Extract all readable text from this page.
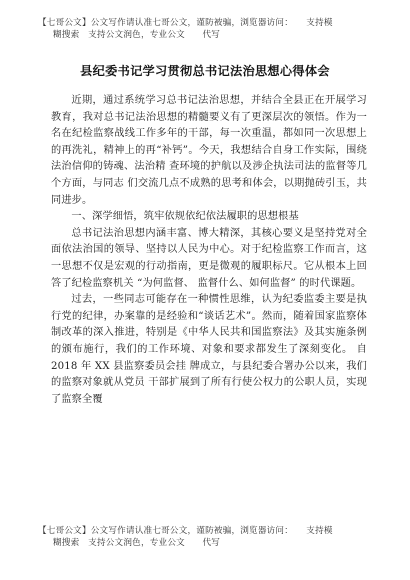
【七哥公文】公文写作请认准七哥公文，谨防被骗，浏览器访问：　　支持模
糊搜索　支持公文润色，专业公文　　代写
县纪委书记学习贯彻总书记法治思想心得体会

近期，通过系统学习总书记法治思想，并结合全县正在开展学习教育，我对总书记法治思想的精髓要义有了更深层次的领悟。作为一名在纪检监察战线工作多年的干部，每一次重温，都如同一次思想上的再洗礼，精神上的再“补钙”。今天，我想结合自身工作实际，围绕法治信仰的铸魂、法治精 查环境的护航以及涉企执法司法的监督等几个方面，与同志 们交流几点不成熟的思考和体会，以期抛砖引玉，共同进步。

一、深学细悟，筑牢依规依纪依法履职的思想根基

总书记法治思想内涵丰富、博大精深，其核心要义是坚持党对全面依法治国的领导、坚持以人民为中心。对于纪检监察工作而言，这一思想不仅是宏观的行动指南，更是微观的履职标尺。它从根本上回答了纪检监察机关 “为何监督、 监督什么、如何监督” 的时代课题。

过去，一些同志可能存在一种惯性思维，认为纪委监委主要是执行党的纪律，办案靠的是经验和“谈话艺术”。然而，随着国家监察体制改革的深入推进，特别是《中华人民共和国监察法》及其实施条例的颁布施行，我们的工作环境、对象和要求都发生了深刻变化。 自 2018 年 XX 县监察委员会挂 牌成立，与县纪委合署办公以来，我们的监察对象就从党员 干部扩展到了所有行使公权力的公职人员，实现了监察全覆

【七哥公文】公文写作请认准七哥公文，谨防被骗，浏览器访问：　　支持模
糊搜索　支持公文润色，专业公文　　代写
